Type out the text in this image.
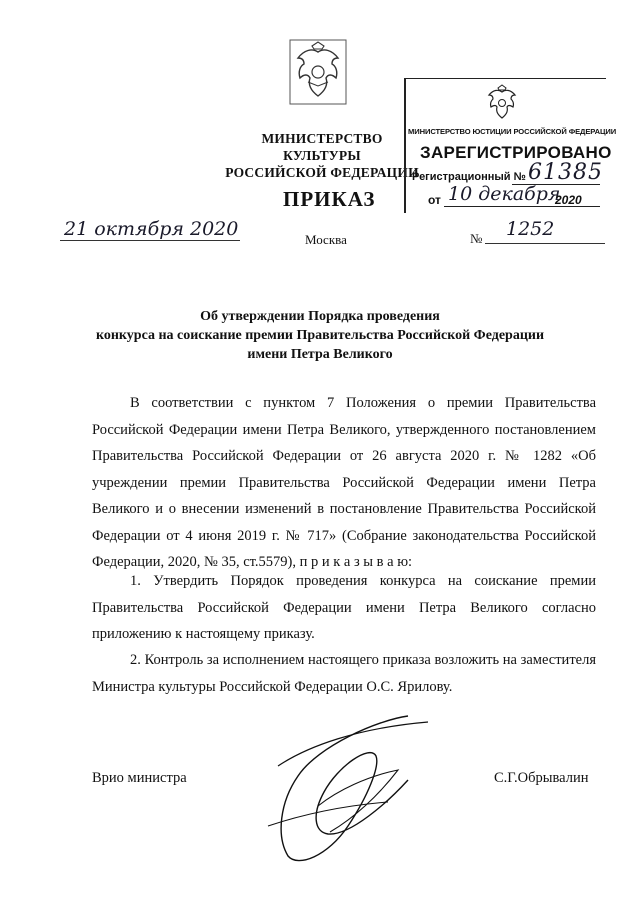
МИНИСТЕРСТВО КУЛЬТУРЫ
РОССИЙСКОЙ ФЕДЕРАЦИИ
МИНИСТЕРСТВО ЮСТИЦИИ РОССИЙСКОЙ ФЕДЕРАЦИИ
ЗАРЕГИСТРИРОВАНО
Регистрационный № 61385
от 10 декабря
2020
ПРИКАЗ
21 октября 2020	Москва	№ 1252
Об утверждении Порядка проведения
конкурса на соискание премии Правительства Российской Федерации
имени Петра Великого
В соответствии с пунктом 7 Положения о премии Правительства Российской Федерации имени Петра Великого, утвержденного постановлением Правительства Российской Федерации от 26 августа 2020 г. № 1282 «Об учреждении премии Правительства Российской Федерации имени Петра Великого и о внесении изменений в постановление Правительства Российской Федерации от 4 июня 2019 г. № 717» (Собрание законодательства Российской Федерации, 2020, № 35, ст.5579), п р и к а з ы в а ю:
1. Утвердить Порядок проведения конкурса на соискание премии Правительства Российской Федерации имени Петра Великого согласно приложению к настоящему приказу.
2. Контроль за исполнением настоящего приказа возложить на заместителя Министра культуры Российской Федерации О.С. Ярилову.
Врио министра	С.Г.Обрывалин
